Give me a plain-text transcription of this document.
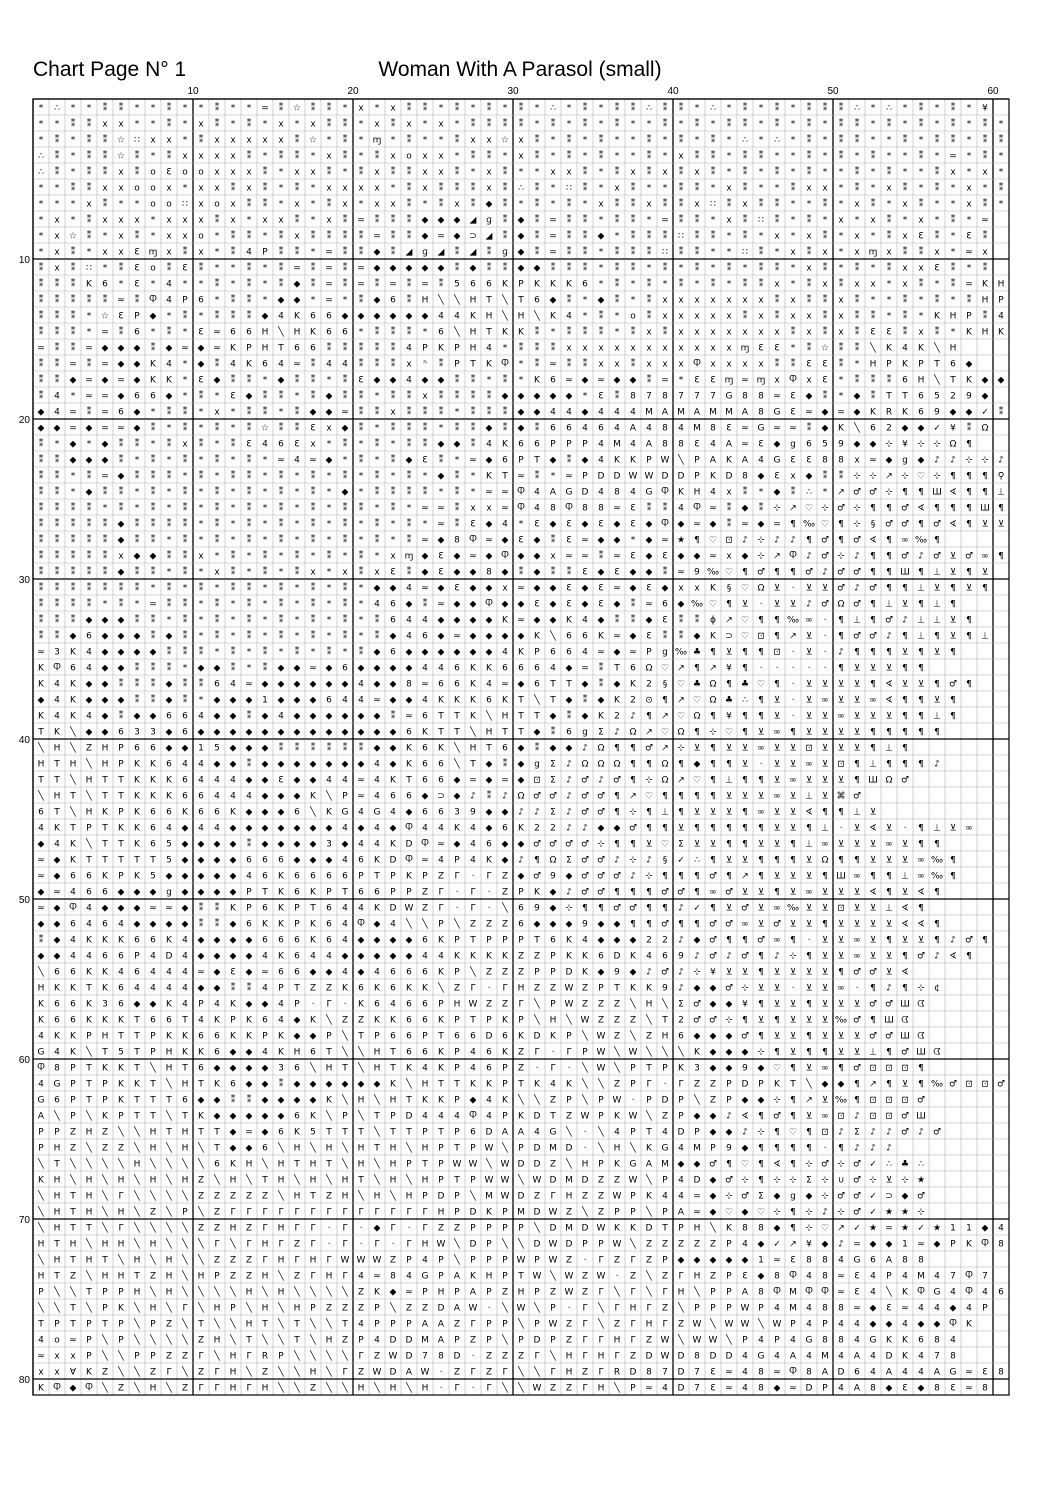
Chart Page N° 1	Woman With A Parasol (small)
10	20	30	40	50	60
10
20
30
40
50
60
70
80
* ∴ * * ⁑ ⁑ * * ⁑ * * ⁑ * * = ⁑ ☆ ⁑ ⁑ * x * x ⁑ ⁑ * ⁑ * ⁑ * ⁑ * ∴ * ⁑ * ⁑ ⁑ ∴ ⁑ ⁑ * ∴ * ⁑ * ⁑ * ⁑ ⁑ ⁑ ∴ * ∴ * ⁑ * ⁑ * ¥
* * ⁑ ⁑ x x * * ⁑ * x ⁑ * ⁑ * x * x ⁑ ⁑ * x ⁑ x * x * ⁑ ⁑ ⁑ ⁑ * ⁑ * ⁑ * ⁑ * * ⁑ * ⁑ * ⁑ ⁑ * ⁑ * ⁑ * ⁑ ⁑ * ⁑ * ⁑ * ⁑ * ⁑ *
* ⁑ * ⁑ ⁑ ☆ ∷ x x * ⁑ x x x x x ⁑ ☆ * ⁑ * ɱ * ⁑ * * ⁑ x x ☆ x ⁑ * ⁑ * ⁑ * * ⁑ * ⁑ * ⁑ * ∴ * ∴ * ⁑ * ⁑ ⁑ * * ⁑ * ⁑ ⁑ * ⁑ ⁑
∴ ⁑ * ⁑ ⁑ ☆ ⁑ * ⁑ x x x x ⁑ * ⁑ ⁑ * x ⁑ * ⁑ x o x x * ⁑ ⁑ * x ⁑ * ⁑ * ⁑ * * ⁑ * x ⁑ ⁑ * ⁑ ⁑ * * ⁑ * ⁑ * ⁑ * * ⁑ * = * ⁑ *
∴ ⁑ * ⁑ ⁑ x ⁑ o Ɛ o o x x x ⁑ * x x ⁑ * ⁑ x ⁑ ⁑ x x ⁑ * x ⁑ * * x x ⁑ * ⁑ x ⁑ x ⁑ x ⁑ * ⁑ * ⁑ * ⁑ * * ⁑ * ⁑ * * ⁑ x * x *
* * ⁑ ⁑ x x o o x * x x ⁑ x ⁑ * ⁑ * x x x x * ⁑ x ⁑ ⁑ ⁑ x ⁑ ∴ ⁑ * ∷ ⁑ * x ⁑ * * ⁑ ⁑ * x ⁑ * * ⁑ x x * ⁑ * x ⁑ * ⁑ * x * ⁑
* * * x ⁑ * * o o ∷ x o x ⁑ ⁑ * x * ⁑ x * x x ⁑ * ⁑ x ⁑ ◆ ⁑ * ⁑ * ⁑ * x ⁑ ⁑ x ⁑ ⁑ x ∷ ⁑ x ⁑ ⁑ * * ⁑ * x ⁑ * x ⁑ * * x ⁑ *
* x * ⁑ x x x * x x x ⁑ x * x x ⁑ * x ⁑ = ⁑ ⁑ ⁑ ◆ ◆ ◆ ◢ ɡ ⁑ ◆ ⁑ = ⁑ ⁑ * ⁑ ⁑ * = ⁑ ⁑ * x ⁑ ∷ ⁑ * ⁑ * x * x ⁑ * x * ⁑ * ≈
* x ☆ ⁑ * x ⁑ * x x o * ⁑ ⁑ * ⁑ x ⁑ ⁑ ⁑ ⁑ = ⁑ ⁑ ◆ = ◆ ⊃ ◢ ⁑ ◆ ⁑ = ⁑ ⁑ ◆ * ⁑ ⁑ ⁑ ∷ ⁑ ⁑ * ⁑ * x * x ⁑ * x * ⁑ x Ɛ ⁑ * Ɛ ⁑
* x ⁑ * x x Ɛ ɱ x ⁑ x * ⁑ 4 P ⁑ ⁑ * = ⁑ ⁑ ◆ ⁑ ◢ ɡ ◢ ⁑ ◢ ⁑ ɡ ◆ ⁑ = ⁑ ⁑ * ⁑ ⁑ ⁑ ∷ ⁑ ⁑ * * ∷ ⁑ * x ⁑ x * x ɱ x ⁑ ⁑ x * ≈ x
⁑ x ⁑ ∷ * ⁑ Ɛ o ⁑ Ɛ ⁑ * * ⁑ * ⁑ = ⁑ = ⁑ = ◆ ◆ ◆ ◆ ◆ ⁑ ◆ ⁑ ⁑ ◆ ◆ ⁑ ⁑ ⁑ * ⁑ ⁑ * ⁑ * ⁑ * ⁑ * ⁑ ⁑ * x ⁑ * ⁑ * ⁑ x x Ɛ ⁑ * ⁑
⁑ ⁑ ⁑ K 6 * Ɛ * 4 * * ⁑ * ⁑ * ⁑ ◆ ⁑ = ⁑ = ⁑ = ⁑ = ⁑ 5 6 6 K P K K K 6 * ⁑ * ⁑ * ⁑ * ⁑ * ⁑ ⁑ x * ⁑ x ⁑ x x * x ⁑ * ⁑ = K H
⁑ ⁑ ⁑ ⁑ ⁑ ≈ ⁑ Ⴔ 4 P 6 * ⁑ ⁑ * ◆ ◆ * = * ⁑ ◆ 6 ⁑ H ╲ ╲ H T ╲ T 6 ◆ ⁑ * ◆ ⁑ * ⁑ x x x x x x x ⁑ x ⁑ ⁑ x ⁑ * * ⁑ * ⁑ * ⁑ H P
⁑ ⁑ ⁑ * ☆ Ɛ P ◆ * ⁑ * ⁑ ⁑ ⁑ ◆ 4 K 6 6 ◆ ◆ ◆ ◆ ◆ ◆ 4 4 K H ╲ H ╲ K 4 * ⁑ * o ⁑ x x x x x ⁑ x ⁑ x x ⁑ x ⁑ ⁑ * ⁑ * K H P ⁑ 4
⁑ ⁑ ⁑ * = ⁑ 6 * ⁑ * Ɛ ≈ 6 6 H ╲ H K 6 6 * ⁑ ⁑ ⁑ * 6 ╲ H T K K ⁑ * ⁑ ⁑ ⁑ * ⁑ x ⁑ x x x x x x x ⁑ x ⁑ x ⁑ Ɛ Ɛ ⁑ x ⁑ * K H K
= ⁑ ⁑ = ◆ ◆ ◆ ⁑ ◆ ≈ ◆ ≈ K P H T 6 6 ⁑ ⁑ ⁑ ⁑ ⁑ 4 P K P H 4 * ⁑ ⁑ ⁑ x x x x x x x x x x x ɱ Ɛ Ɛ * ⁑ ☆ ⁑ ⁑ ╲ K 4 K ╲ H
⁑ ⁑ = ⁑ = ◆ ◆ K 4 * ◆ ⁑ 4 K 6 4 ≈ ⁑ 4 4 ⁑ ⁑ ⁑ x ⁿ ⁑ P T K Ⴔ * ⁑ ≈ ⁑ ⁑ x x ⁑ x x x Ⴔ x x x x ⁑ ⁑ Ɛ Ɛ ⁑ * H P K P T 6 ◆
⁑ ⁑ ◆ = ◆ = ◆ K K * Ɛ ◆ ⁑ ⁑ * ◆ ⁑ ⁑ * ⁑ Ɛ ◆ ◆ 4 ◆ ◆ ⁑ ⁑ * ⁑ * K 6 ≈ ◆ ≈ ◆ ◆ ⁑ = * Ɛ Ɛ ɱ ≈ ɱ x Ⴔ x Ɛ * ⁑ ⁑ ⁑ 6 H ╲ T K ◆ ◆
⁑ 4 * ≈ = ◆ 6 6 ◆ * ⁑ * Ɛ ◆ ⁑ ⁑ * ⁑ ◆ ⁑ ⁑ * ⁑ ⁑ x ⁑ ⁑ ⁑ ⁑ ◆ ◆ ◆ ◆ ◆ * Ɛ ⁑ 8 7 8 7 7 7 G 8 8 ≈ Ɛ ◆ ⁑ * ◆ ⁑ T T 6 5 2 9 ◆
◆ 4 = ⁑ = 6 ◆ * ⁑ ⁑ * x * ⁑ ⁑ * ⁑ ◆ ◆ ≈ ⁑ ⁑ x ⁑ ⁑ ⁑ * ⁑ ⁑ ⁑ ◆ ◆ 4 4 ◆ 4 4 4 M A M A M M A 8 G Ɛ ≈ ◆ = ◆ K R K 6 9 ◆ ◆ ✓ ⁑
◆ ◆ = ◆ = ≈ ◆ ⁑ * ⁑ * ⁑ * ⁑ ☆ ⁑ ⁑ Ɛ x ◆ ⁑ * ⁑ ⁑ ⁑ * ⁑ ⁑ ◆ ⁑ ◆ ⁑ 6 6 4 6 4 A 4 8 4 M 8 Ɛ ≈ G ≈ ≈ ⁑ ◆ K ╲ 6 2 ◆ ◆ ✓ ¥ ⁑ Ω
⁑ * ◆ * ◆ ⁑ ⁑ * ⁑ x ⁑ * ⁑ Ɛ 4 6 Ɛ x * ⁑ * ⁑ * ⁑ ⁑ ◆ ◆ ⁑ 4 K 6 6 P P P 4 M 4 A 8 8 Ɛ 4 A ≈ Ɛ ◆ g 6 5 9 ◆ ◆ ⊹ ¥ ⊹ ⊹ Ω ¶
⁑ ⁑ ◆ ◆ ◆ ⁑ * ⁑ * ⁑ * ⁑ * ⁑ * ≈ 4 ≈ ◆ * ⁑ * ⁑ ◆ Ɛ ⁑ * ≈ ◆ 6 P T ◆ ⁑ ◆ 4 K K P W ╲ P A K A 4 G Ɛ Ɛ 8 8 x ≈ ◆ g ◆ ♪ ♪ ⊹ ⊹ ♪
⁑ ⁑ * ⁑ = ◆ ⁑ ⁑ ⁑ * ⁑ * ⁑ ⁑ * ⁑ * ⁑ * ⁑ * ⁑ * ⁑ * ◆ ⁑ * K T ≈ ⁑ * ≈ P D D W W D D P K D 8 ◆ Ɛ x ◆ ⁑ ⁑ ⊹ ⊹ ↗ ⊹ ♡ ⊹ ¶ ¶ ¶ ⚲
⁑ ⁑ * ◆ ⁑ ⁑ * ⁑ * ⁑ * ⁑ * ⁑ * ⁑ * ⁑ * ◆ * ⁑ ⁑ ⁑ ⁑ * ⁑ * ≈ ≈ Ⴔ 4 A G D 4 8 4 G Ⴔ K H 4 x ⁑ * ◆ ⁑ ∴ * ↗ ♂ ♂ ⊹ ¶ ¶ Ш ∢ ¶ ¶ ⊥
⁑ ⁑ ⁑ ⁑ * ⁑ * ⁑ * ⁑ * ⁑ * ⁑ * ⁑ * ⁑ * ⁑ ⁑ * ⁑ * ≈ ≈ ⁑ x x ≈ Ⴔ 4 8 Ⴔ 8 8 ≈ Ɛ ⁑ ⁑ 4 Ⴔ ≈ ⁑ ◆ ⁑ ⊹ ↗ ♡ ⊹ ♂ ⊹ ¶ ¶ ♂ ∢ ¶ ¶ ¶ Ш ¶
⁑ ⁑ ⁑ ⁑ ⁑ ◆ ⁑ ⁑ ⁑ ⁑ * ⁑ * ⁑ * ⁑ * ⁑ * ⁑ * ⁑ * ⁑ * ≈ ⁑ Ɛ ◆ 4 * Ɛ ◆ Ɛ ◆ Ɛ ◆ Ɛ ◆ Ⴔ ◆ ≈ ◆ ⁑ ≈ ◆ = ¶ ‰ ♡ ¶ ⊹ § ♂ ♂ ¶ ♂ ∢ ¶ ⊻ ⊻
⁑ ⁑ ⁑ ⁑ ⁑ ◆ ⁑ ⁑ * ⁑ * ⁑ * ⁑ * ⁑ * ⁑ * ⁑ * ⁑ * ⁑ ≈ ◆ 8 Ⴔ ≈ ◆ Ɛ ◆ ⁑ Ɛ ≈ ◆ ◆ * ◆ ≈ ★ ¶ ♡ ⊡ ♪ ⊹ ♪ ♪ ¶ ♂ ¶ ♂ ∢ ¶ ∞ ‰ ¶
⁑ ⁑ ⁑ ⁑ ⁑ x ◆ ◆ ⁑ ⁑ x * ⁑ * ⁑ * ⁑ * ⁑ * ⁑ * x ɱ ◆ Ɛ ◆ ≈ ◆ Ⴔ ◆ ◆ x ≈ ≈ ⁑ ≈ Ɛ ◆ Ɛ ◆ ◆ ≈ x ◆ ⊹ ↗ Ⴔ ♪ ♂ ⊹ ♪ ¶ ¶ ♂ ♪ ♂ ⊻ ♂ ∞ ¶
⁑ ⁑ ⁑ ⁑ ⁑ ◆ ⁑ ⁑ * ⁑ * x ⁑ * ⁑ * ⁑ x * x ⁑ x Ɛ ⁑ ◆ Ɛ ◆ ◆ 8 ◆ ⁑ ◆ ⁑ ⁑ Ɛ ◆ Ɛ ◆ ◆ ⁑ ≈ 9 ‰ ♡ ¶ ♂ ¶ ¶ ♂ ♪ ♂ ♂ ¶ ¶ Ш ¶ ⊥ ⊻ ¶ ⊻
⁑ ⁑ ⁑ ⁑ ⁑ ⁑ ⁑ * ⁑ * ⁑ * ⁑ ⁑ * ⁑ * ⁑ * ⁑ * ◆ ◆ 4 ≈ ◆ Ɛ ◆ ◆ x ≈ ◆ ◆ Ɛ ◆ Ɛ ≈ ◆ Ɛ ◆ x x K § ♡ Ω ⊻ · ⊻ ⊻ ♂ ♪ ♂ ¶ ¶ ⊥ ⊻ ¶ ⊻ ¶
⁑ ⁑ ⁑ ⁑ * ⁑ * = ⁑ ⁑ * ⁑ * ⁑ * ⁑ * ⁑ * ⁑ * 4 6 ◆ ⁑ ≈ ◆ ◆ Ⴔ ◆ ◆ Ɛ ◆ Ɛ ◆ Ɛ ◆ ⁑ ≈ 6 ◆ ‰ ♡ ¶ ⊻ · ⊻ ⊻ ♪ ♂ Ω ♂ ¶ ⊥ ⊻ ¶ ⊥ ¶
⁑ ⁑ ⁑ ◆ ◆ ◆ ⁑ ⁑ * ⁑ * ⁑ * ⁑ * ⁑ * ⁑ * ⁑ * ⁑ 6 4 4 ◆ ◆ ◆ ◆ K ≈ ◆ ◆ K 4 ◆ ⁑ ⁑ ◆ Ɛ ⁑ ⁑ ɸ ↗ ♡ ¶ ¶ ‰ ∞ · ¶ ⊥ ¶ ♂ ♪ ⊥ ⊥ ⊻ ¶
⁑ ⁑ ◆ 6 ◆ ◆ ◆ ⁑ ◆ ⁑ * ⁑ * ⁑ * ⁑ * ⁑ * ⁑ * ⁑ ◆ 4 6 ◆ ≈ ◆ ◆ ◆ ◆ K ╲ 6 6 K ≈ ◆ Ɛ ⁑ ⁑ ◆ K ⊃ ♡ ⊡ ¶ ↗ ⊻ · ¶ ♂ ♂ ♪ ¶ ⊥ ¶ ⊻ ¶ ⊥
≈ 3 K 4 ◆ ◆ ◆ ◆ ⁑ ⁑ ⁑ * ⁑ * ⁑ * ⁑ * ⁑ * ⁑ ◆ 6 ◆ ◆ ◆ ◆ ◆ ◆ 4 K P 6 6 4 ≈ ◆ ≈ P g ‰ ♣ ¶ ⊻ ¶ ¶ ⊡ · ⊻ · ♪ ¶ ¶ ¶ ⊻ ¶ ⊻ ¶
K Ⴔ 6 4 ◆ ◆ ⁑ ⁑ ⁑ * ◆ ◆ ⁑ * ⁑ ◆ ◆ ≈ ◆ 6 ◆ ◆ ◆ ◆ 4 4 6 K K 6 6 6 4 ◆ = ⁑ T 6 Ω ♡ ↗ ¶ ↗ ¥ ¶ · · · · · ¶ ⊻ ⊻ ⊻ ¶ ¶
K 4 K ◆ ◆ ⁑ ⁑ ⁑ ◆ ⁑ ⁑ 6 4 ≈ ◆ ◆ ◆ ◆ ◆ ◆ 4 ◆ ◆ 8 ≈ 6 6 K 4 ≈ ◆ 6 T T ◆ ⁑ ◆ K 2 § ♡ ♣ Ω ¶ ♣ ♡ ¶ · ⊻ ⊻ ⊻ ⊻ ¶ ∢ ⊻ ⊻ ¶ ♂ ¶
◆ 4 K ◆ ◆ ◆ ⁑ ⁑ ◆ ⁑ * ◆ ◆ ◆ 1 ◆ ◆ ◆ 6 4 4 ≈ ◆ ◆ 4 K K K 6 K T ╲ T ◆ ⁑ ◆ K 2 ⊙ ¶ ↗ ♡ Ω ♣ ∴ ¶ ⊻ · ⊻ ∞ ⊻ ⊻ ∞ ∢ ¶ ¶ ⊻ ¶
K 4 K 4 ◆ ⁑ ◆ ◆ 6 6 4 ◆ ◆ ⁑ ◆ 4 ◆ ◆ ◆ ◆ ◆ ◆ ⁑ ≈ 6 T T K ╲ H T T ◆ ⁑ ◆ K 2 ♪ ¶ ↗ ♡ Ω ¶ ¥ ¶ ¶ ⊻ · ⊻ ⊻ ∞ ⊻ ⊻ ⊻ ¶ ¶ ⊥ ¶
T K ╲ ◆ ◆ 6 3 3 ◆ 6 ◆ ◆ ◆ ◆ ◆ ◆ ◆ ◆ ◆ ◆ ◆ ◆ ◆ 6 K T T ╲ H T T ◆ ⁑ 6 g Σ ♪ Ω ↗ ♡ Ω ¶ ⊹ ♡ ¶ ⊻ ∞ ¶ ⊻ ⊻ ⊻ ⊻ ¶ ¶ ¶ ¶ ¶
╲ H ╲ Z H P 6 6 ◆ ◆ 1 5 ◆ ◆ ◆ ⁑ ⁑ ⁑ ⁑ ⁑ ⁑ ◆ ◆ K 6 K ╲ H T 6 ◆ ⁑ ◆ ◆ ♪ Ω ¶ ¶ ♂ ↗ ⊹ ⊻ ¶ ⊻ ⊻ ∞ ⊻ ⊻ ⊡ ⊻ ⊻ ⊻ ¶ ⊥ ¶
H T H ╲ H P K K 6 4 4 ◆ ◆ ⁑ ◆ ◆ ◆ ◆ ◆ ◆ ◆ 4 ◆ K 6 6 ╲ T ◆ ⁑ ◆ g Σ ♪ Ω Ω Ω ¶ ¶ Ω ¶ ◆ ¶ ¶ ⊻ · ⊻ ⊻ ∞ ⊻ ⊡ ¶ ⊥ ¶ ¶ ¶ ♪
T T ╲ H T T K K K 6 4 4 4 ◆ ◆ Ɛ ◆ ◆ 4 4 ≈ 4 K T 6 6 ◆ = ◆ = ◆ ⊡ Σ ♪ ♂ ♪ ♂ ¶ ⊹ Ω ↗ ♡ ¶ ⊥ ¶ ¶ ⊻ ∞ ⊻ ⊻ ⊻ ¶ Ш Ω ♂
╲ H T ╲ T T K K K 6 6 4 4 4 ◆ ◆ ◆ K ╲ P ≈ 4 6 6 ◆ ⊃ ◆ ♪ ⁑ ♪ Ω ♂ ♂ ♪ ♂ ♂ ¶ ↗ ♡ ¶ ¶ ¶ ¶ ⊻ ⊻ ⊻ ∞ ⊻ ⊥ ⊻ ⌘ ♂
6 T ╲ H K P K 6 6 K 6 6 K ◆ ◆ ◆ 6 ╲ K G 4 G 4 ◆ 6 6 3 9 ◆ ◆ ♪ ♪ Σ ♪ ♂ ♂ ¶ ⊹ ¶ ⊥ ¶ ⊻ ⊻ ⊻ ¶ ∞ ⊻ ⊻ ∢ ¶ ¶ ⊥ ⊻
4 K T P T K K 6 4 ◆ 4 4 ◆ ◆ ◆ ◆ ◆ ◆ ◆ 4 ◆ 4 ◆ Ⴔ 4 4 K 4 ◆ 6 K 2 2 ♪ ♪ ◆ ◆ ♂ ¶ ¶ ⊻ ¶ ¶ ¶ ¶ ¶ ⊻ ⊻ ¶ ⊥ · ⊻ ∢ ⊻ · ¶ ⊥ ⊻ ∞
◆ 4 K ╲ T T K 6 5 ◆ ◆ ◆ ◆ ⁑ ◆ ◆ ◆ ◆ 3 ◆ 4 4 K D Ⴔ ≈ ◆ 4 6 ◆ ◆ ♂ ♂ ♂ ♂ ⊹ ¶ ¶ ⊻ ♡ Σ ⊻ ⊻ ¶ ¶ ⊻ ⊻ ¶ ⊥ ∞ ⊻ ⊻ ⊻ ∞ ⊻ ¶ ¶
≈ ◆ K T T T T T 5 ◆ ◆ ◆ ◆ 6 6 6 ◆ ◆ ◆ 4 6 K D Ⴔ ≈ 4 P 4 K ◆ ♪ ¶ Ω Σ ♂ ♂ ♪ ⊹ ♪ § ✓ ∴ ¶ ⊻ ⊻ ¶ ¶ ¶ ⊻ Ω ¶ ¶ ⊻ ⊻ ⊻ ∞ ‰ ¶
≈ ◆ 6 6 K P K 5 ◆ ◆ ◆ ◆ ◆ 4 6 K 6 6 6 6 P T P K P Z ᒥ · ᒥ Z ◆ ♂ 9 ◆ ♂ ♂ ♂ ♪ ⊹ ¶ ¶ ¶ ♂ ¶ ↗ ¶ ⊻ ⊻ ⊻ ¶ Ш ∞ ¶ ¶ ⊥ ∞ ‰ ¶
◆ ≈ 4 6 6 ◆ ◆ ◆ g ◆ ◆ ◆ ◆ P T K 6 K P T 6 6 P P Z ᒥ · ᒥ · Z P K ◆ ♪ ♂ ♂ ¶ ¶ ¶ ♂ ♂ ¶ ∞ ♂ ⊻ ⊻ ¶ ⊻ ∞ ⊻ ⊻ ⊻ ∢ ¶ ⊻ ∢ ¶
≈ ◆ Ⴔ 4 ◆ ◆ ◆ ≈ ≈ ◆ ⁑ ⁑ K P 6 K P T 6 4 4 K D W Z ᒥ · ᒥ · ╲ 6 9 ◆ ⊹ ¶ ¶ ♂ ♂ ¶ ¶ ♪ ✓ ¶ ⊻ ♂ ⊻ ∞ ‰ ⊻ ⊻ ⊡ ⊻ ⊻ ⊥ ∢ ¶
◆ ◆ 6 4 6 4 ◆ ◆ ◆ ◆ ⁑ ⁑ ◆ 6 K K P K 6 4 Ⴔ ◆ 4 ╲ ╲ P ╲ Z Z Z 6 ◆ ◆ ◆ 9 ◆ ◆ ¶ ¶ ♂ ¶ ¶ ♂ ♂ ∞ ⊻ ♂ ⊻ ⊻ ¶ ⊻ ⊻ ⊻ ⊻ ∢ ∢ ¶
⁑ ◆ 4 K K K 6 6 K 4 ◆ ◆ ◆ ◆ 6 6 6 K 6 4 ◆ ◆ ◆ ◆ 6 K P T P P P T 6 K 4 ◆ ◆ ◆ 2 2 ♪ ◆ ♂ ¶ ¶ ♂ ∞ ¶ · ⊻ ⊻ ∞ ⊻ ¶ ⊻ ⊻ ¶ ♪ ♂ ¶
◆ ◆ 4 4 6 6 P 4 D 4 ◆ ◆ ◆ ◆ 4 K 6 4 4 ◆ ◆ ◆ ◆ ◆ 4 4 K K K K Z Z P K K 6 D K 4 6 9 ♪ ♂ ♪ ♂ ¶ ♪ ⊹ ¶ ⊻ ⊻ ∞ ⊻ ⊻ ¶ ♂ ♪ ∢ ¶
╲ 6 6 K K 4 6 4 4 4 ≈ ◆ Ɛ ◆ ≈ 6 6 ◆ ◆ 4 ◆ 4 6 6 6 K P ╲ Z Z Z P P D K ◆ 9 ◆ ♪ ♂ ♪ ⊹ ¥ ⊻ ⊻ ¶ ⊻ ⊻ ⊻ ⊻ ¶ ♂ ♂ ⊻ ∢
H K K T K 6 4 4 4 4 ◆ ◆ ⁑ ⁑ 4 P T Z Z K 6 K 6 K K ╲ Z ᒥ · ᒥ H Z Z W Z P T K K 9 ♪ ◆ ◆ ♂ ⊹ ⊻ ⊻ · ⊻ ⊻ ∞ · ¶ ♪ ¶ ⊹ ¢
K 6 6 K 3 6 ◆ ◆ K 4 P 4 K ◆ ◆ 4 P · ᒥ · K 6 4 6 6 P H W Z Z ᒥ ╲ P W Z Z Z ╲ H ╲ Σ ♂ ◆ ◆ ¥ ¶ ⊻ ⊻ ¶ ⊻ ⊻ ⊻ ♂ ♂ Ш ᗧ
K 6 6 K K K T 6 6 T 4 K P K 6 4 ◆ K ╲ Z Z K K 6 6 K P T P K P ╲ H ╲ W Z Z Z ╲ T 2 ♂ ♂ ⊹ ¶ ⊻ ¶ ⊻ ⊻ ⊻ ‰ ♂ ¶ Ш ᗧ
4 K K P H T T P K K 6 6 K K P K ◆ ◆ P ╲ T P 6 6 P T 6 6 D 6 K D K P ╲ W Z ╲ Z H 6 ◆ ◆ ◆ ♂ ¶ ⊻ ⊻ ¶ ⊻ ⊻ ⊻ ♂ ♂ Ш ᗧ
G 4 K ╲ T 5 T P H K K 6 ◆ ◆ 4 K H 6 T ╲ ╲ H T 6 6 K P 4 6 K Z ᒥ · ᒥ P W ╲ W ╲ ╲ ╲ K ◆ ◆ ◆ ⊹ ¶ ⊻ ¶ ¶ ⊻ ⊻ ⊥ ¶ ♂ Ш ᗧ
Ⴔ 8 P T K K T ╲ H T 6 ◆ ◆ ◆ ◆ 3 6 ╲ H T ╲ H T K 4 K P 4 6 P Z · ᒥ · ╲ W ╲ P T P K 3 ◆ ◆ 9 ◆ ♡ ¶ ⊻ ∞ ¶ ♂ ⊡ ⊡ ⊡ ¶
4 G P T P K K T ╲ H T K 6 ◆ ◆ ⁑ ◆ ◆ ◆ ◆ ◆ ◆ K ╲ H T T K K P T K 4 K ╲ ╲ Z P ᒥ · ᒥ Z Z P D P K T ╲ ◆ ◆ ¶ ↗ ¶ ⊻ ¶ ‰ ♂ ⊡ ⊡ ♂
G 6 P T P K T T T 6 ◆ ◆ ⁑ ⁑ ◆ ◆ ◆ ◆ K ╲ H ╲ H T K K P ◆ 4 K ╲ ╲ Z P ╲ P W · P D P ╲ Z P ◆ ◆ ⊹ ¶ ↗ ⊻ ‰ ¶ ⊡ ⊡ ⊡ ♂
A ╲ P ╲ K P T T ╲ T K ◆ ◆ ◆ ◆ ◆ 6 K ╲ P ╲ T P D 4 4 4 Ⴔ 4 P K D T Z W P K W ╲ Z P ◆ ◆ ♪ ∢ ¶ ♂ ¶ ⊻ ∞ ⊡ ♪ ⊡ ⊡ ♂ Ш
P P Z H Z ╲ ╲ H T H T T ◆ = ◆ 6 K 5 T T T ╲ T T P T P 6 D A A 4 G ╲ · ╲ 4 P T 4 D P ◆ ◆ ♪ ⊹ ¶ ♡ ¶ ⊡ ♪ Σ ♪ ♪ ♂ ♪ ♂
P H Z ╲ Z Z ╲ H ╲ H ╲ T ◆ ◆ 6 ╲ H ╲ H ╲ H T H ╲ H P T P W ╲ P D M D · ╲ H ╲ K G 4 M P 9 ◆ ¶ ¶ ¶ ¶ · ¶ ♪ ♪ ♪
╲ T ╲ ╲ ╲ ╲ H ╲ ╲ ╲ ╲ 6 K H ╲ H T H T ╲ H ╲ H P T P W W ╲ W D D Z ╲ H P K G A M ◆ ◆ ♂ ¶ ♡ ¶ ∢ ¶ ⊹ ♂ ⊹ ♂ ✓ ∴ ♣ ∴
K H ╲ H ╲ H ╲ H ╲ H Z ╲ H ╲ T H ╲ H ╲ H T ╲ H ╲ H P T P W W ╲ W D M D Z Z W ╲ P 4 D ◆ ♂ ⊹ ¶ ⊹ ⊹ Σ ⊹ ∪ ♂ ⊹ ⊻ ⊹ ★
╲ H T H ╲ ᒥ ╲ ╲ ╲ ╲ Z Z Z Z Z ╲ H T Z H ╲ H ╲ H P D P ╲ M W D Z ᒥ H Z Z W P K 4 4 = ◆ ⊹ ♂ Σ ◆ g ◆ ⊹ ♂ ♂ ✓ ⊃ ◆ ♂
╲ H T H ╲ H ╲ Z ╲ P ╲ Z ᒥ ᒥ ᒥ ᒥ ᒥ ᒥ ᒥ ᒥ ᒥ ᒥ ᒥ ᒥ ᒥ H P D K P M D W Z ╲ Z P P ╲ P A ≈ ◆ ♡ ◆ ♡ ⊹ ¶ ⊹ ♪ ⊹ ♂ ✓ ★ ★ ⊹
╲ H T T ╲ ᒥ ╲ ╲ ╲ ╲ Z Z H Z ᒥ H ᒥ ᒥ · ᒥ · ◆ ᒥ · ᒥ Z Z P P P P ╲ D M D W K K D T P H ╲ K 8 8 ◆ ¶ ⊹ ♡ ↗ ✓ ★ = ★ ✓ ★ 1 1 ◆ 4
H T H ╲ H H ╲ H ╲ ╲ ╲ ᒥ ╲ ᒥ H ᒥ Z ᒥ · ᒥ · ᒥ · ᒥ H W ╲ D P ╲ ╲ D W D P P W ╲ Z Z Z Z Z P 4 ◆ ✓ ↗ ¥ ◆ ♪ = ◆ ◆ 1 ≈ ◆ P K Ⴔ 8
╲ H T H T ╲ H ╲ H ╲ ╲ Z Z Z ᒥ H ᒥ H ᒥ W W W Z P 4 P ╲ P P P W P W Z · ᒥ Z ᒥ Z P ◆ ◆ ◆ ◆ ◆ 1 ≈ Ɛ 8 8 4 G 6 A 8 8
H T Z ╲ H H T Z H ╲ H P Z Z H ╲ Z ᒥ H ᒥ 4 ≈ 8 4 G P A K H P T W ╲ W Z W · Z ╲ Z ᒥ H Z P Ɛ ◆ 8 Ⴔ 4 8 ≈ Ɛ 4 P 4 M 4 7 Ⴔ 7
P ╲ ╲ T P P H ╲ H ╲ ╲ ╲ ╲ H ╲ H ╲ ╲ ╲ ╲ Z K ◆ ≈ P H P A P Z H P Z W Z ᒥ ╲ ᒥ ╲ ᒥ H ╲ P P A 8 Ⴔ M Ⴔ Ⴔ ≈ Ɛ 4 ╲ K Ⴔ G 4 Ⴔ 4 6
╲ ╲ T ╲ P K ╲ H ╲ ᒥ ╲ H P ╲ H ╲ H P Z Z Z P ╲ Z Z D A W · ╲ W ╲ P · ᒥ ╲ ᒥ H ᒥ Z ╲ P P P W P 4 M 4 8 8 ≈ ◆ Ɛ ≈ 4 4 ◆ 4 P
T P T P T P ╲ P Z ╲ T ╲ ╲ H T ╲ T ╲ ╲ T 4 P P P A A Z ᒥ P P ╲ P W Z ᒥ ╲ Z ᒥ H ᒥ Z W ╲ W W ╲ W P 4 P 4 4 ◆ ◆ 4 ◆ ◆ Ⴔ K
4 o ≈ P ╲ P ╲ ╲ ╲ ╲ Z H ╲ T ╲ ╲ T ╲ H Z P 4 D D M A P Z P ╲ P D P Z ᒥ ᒥ H ᒥ Z W ╲ W W ╲ P 4 P 4 G 8 8 4 G K K 6 8 4
≈ x x P ╲ ╲ P P Z Z ᒥ ╲ H ᒥ R P ╲ ╲ ╲ ╲ ᒥ Z W D 7 8 D · Z Z Z ᒥ ╲ H ᒥ H ᒥ Z D W D 8 D D 4 G 4 A 4 M 4 A 4 D K 4 7 8
x x Ɐ K Z ╲ ╲ Z ᒥ ╲ Z ᒥ H ╲ Z ╲ ╲ H ╲ ᒥ Z W D A W · Z ᒥ Z ᒥ ╲ ╲ ᒥ H Z ᒥ R D 8 7 D 7 Ɛ ≈ 4 8 ≈ Ⴔ 8 A D 6 4 A 4 4 A G ≈ Ɛ 8
K Ⴔ ◆ Ⴔ ╲ Z ╲ H ╲ Z ᒥ ᒥ H ᒥ H ╲ ╲ Z ╲ ╲ H ╲ H ╲ H · ᒥ · ᒥ ╲ ╲ W Z Z ᒥ H ╲ P ≈ 4 D 7 Ɛ ≈ 4 8 ◆ ≈ D P 4 A 8 ◆ Ɛ ◆ 8 Ɛ ≈ 8
